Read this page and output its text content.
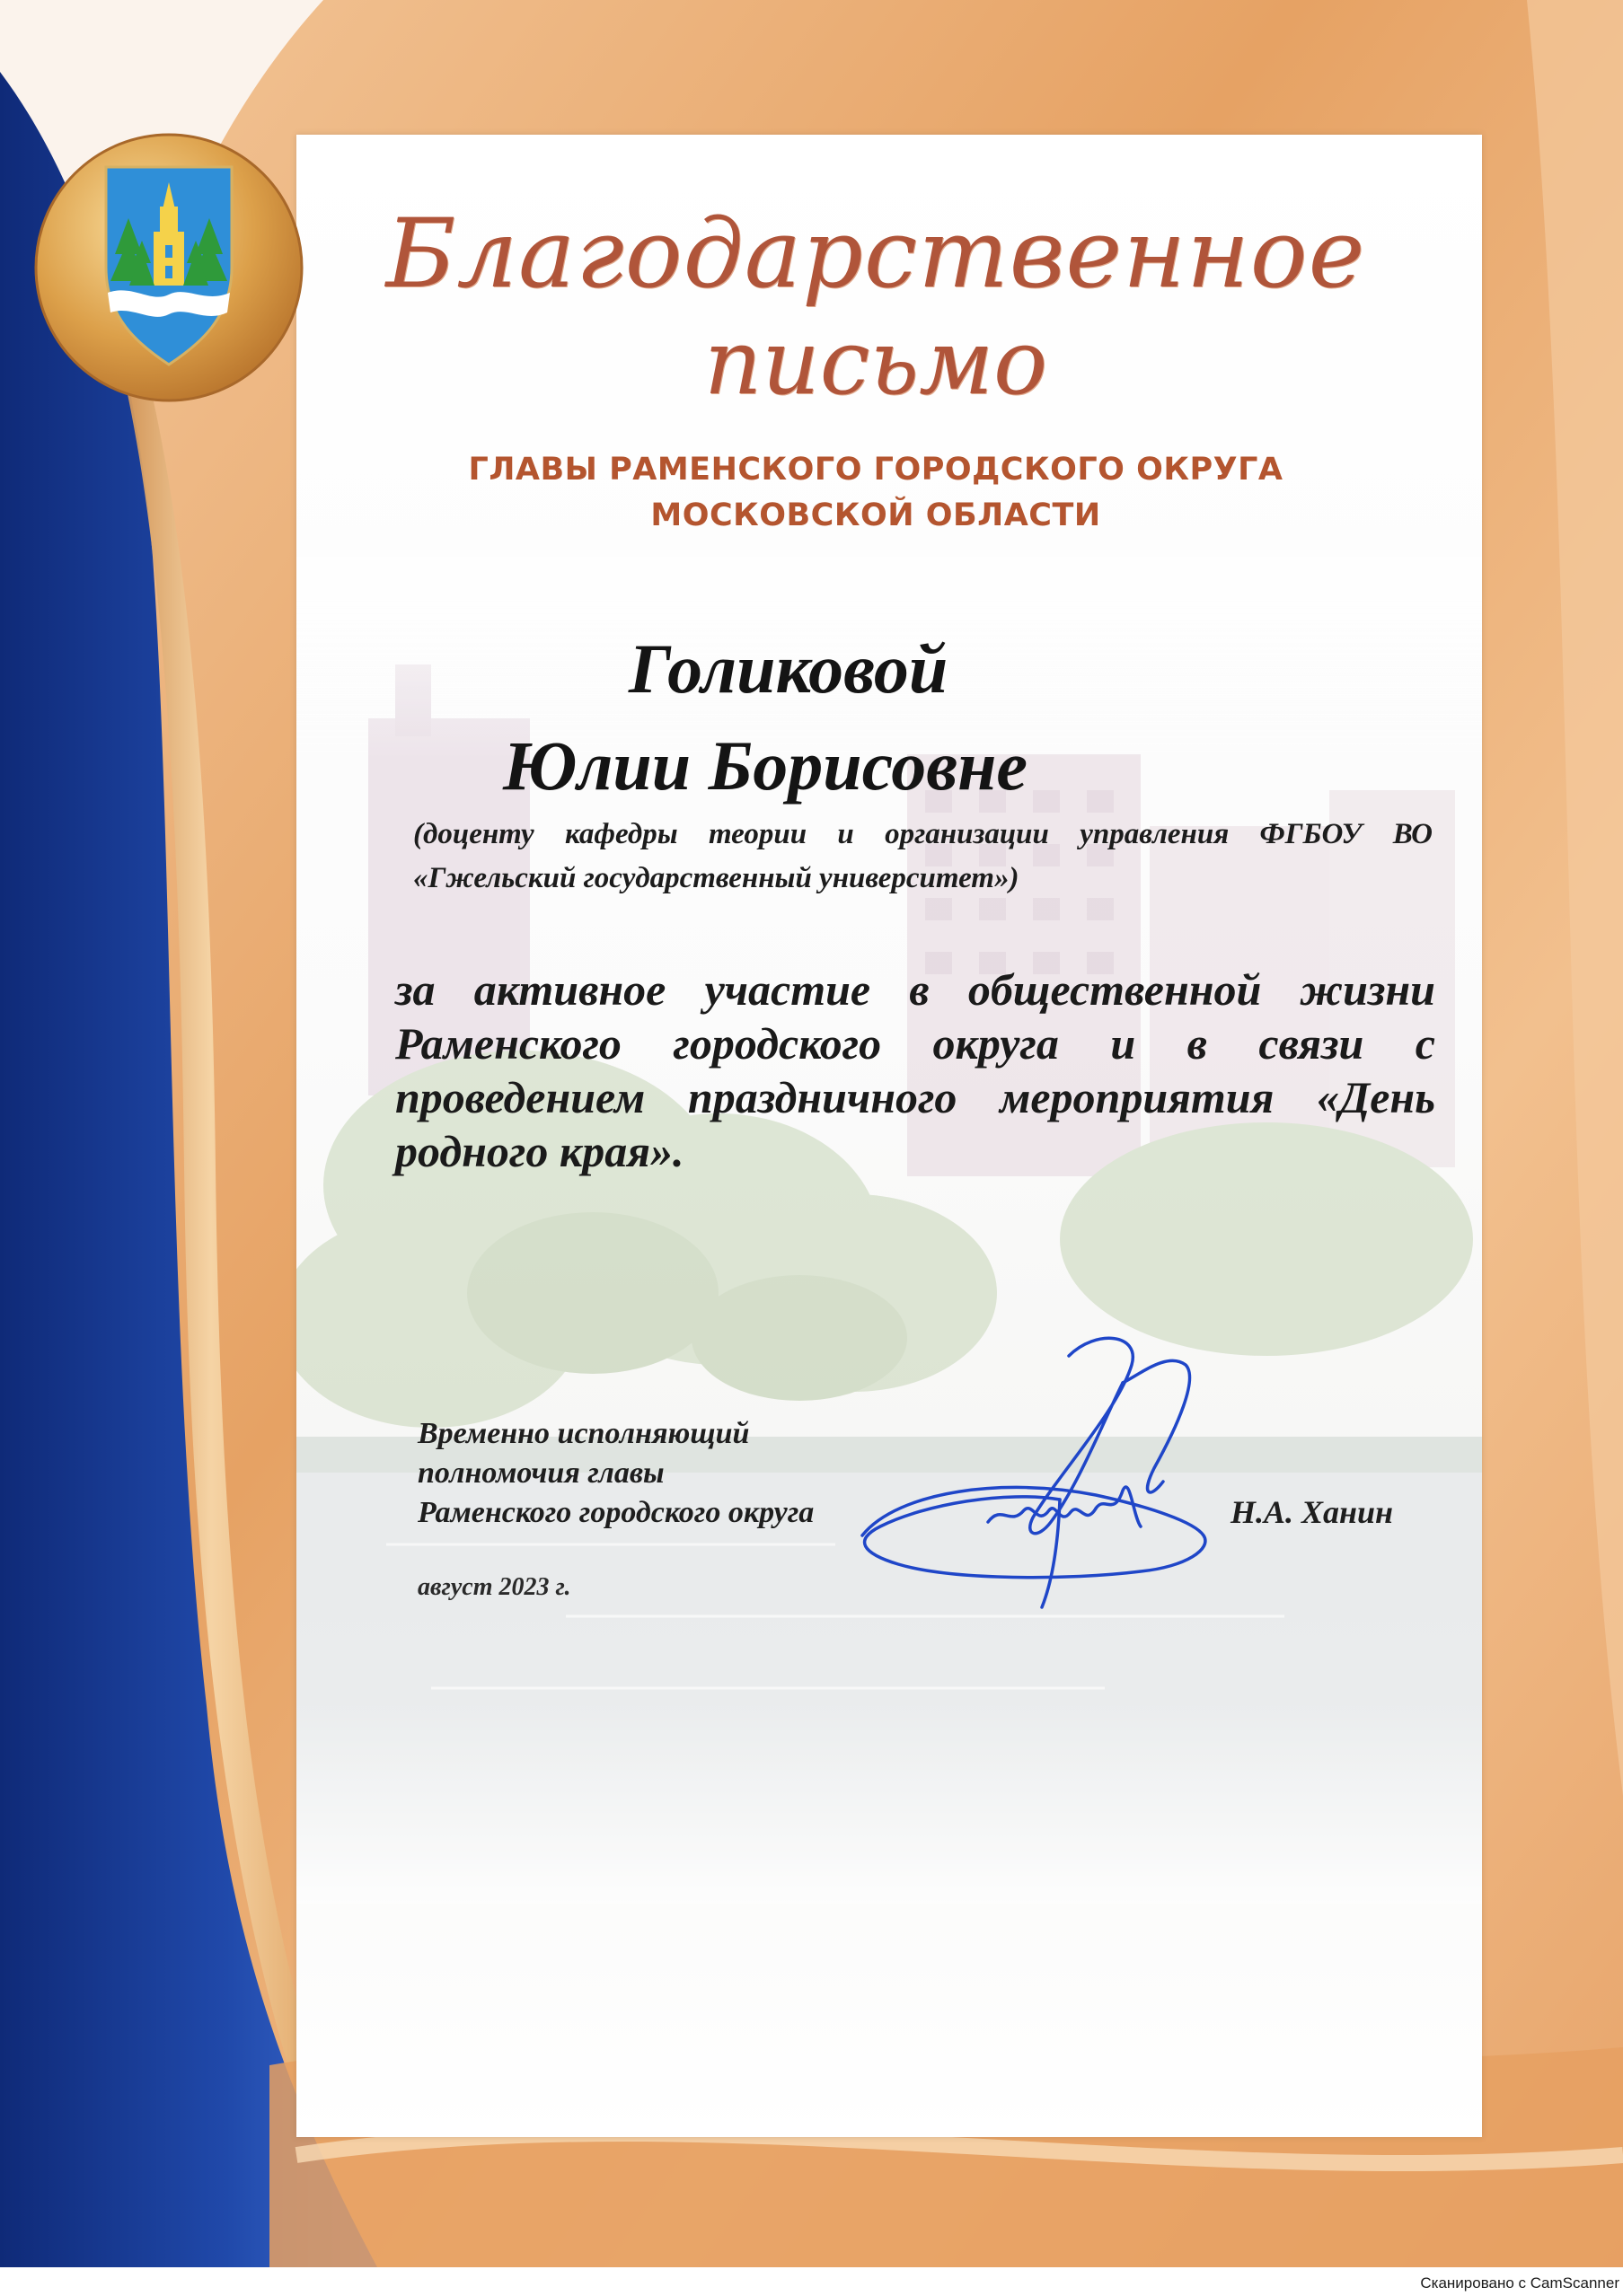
Благодарственное
письмо
ГЛАВЫ РАМЕНСКОГО ГОРОДСКОГО ОКРУГА
МОСКОВСКОЙ ОБЛАСТИ
Голиковой
Юлии Борисовне
(доценту кафедры теории и организации управления ФГБОУ ВО «Гжельский государственный университет»)
за активное участие в общественной жизни Раменского городского округа и в связи с проведением праздничного мероприятия «День родного края».
Временно исполняющий
полномочия главы
Раменского городского округа	Н.А. Ханин
август 2023 г.
Сканировано с CamScanner
